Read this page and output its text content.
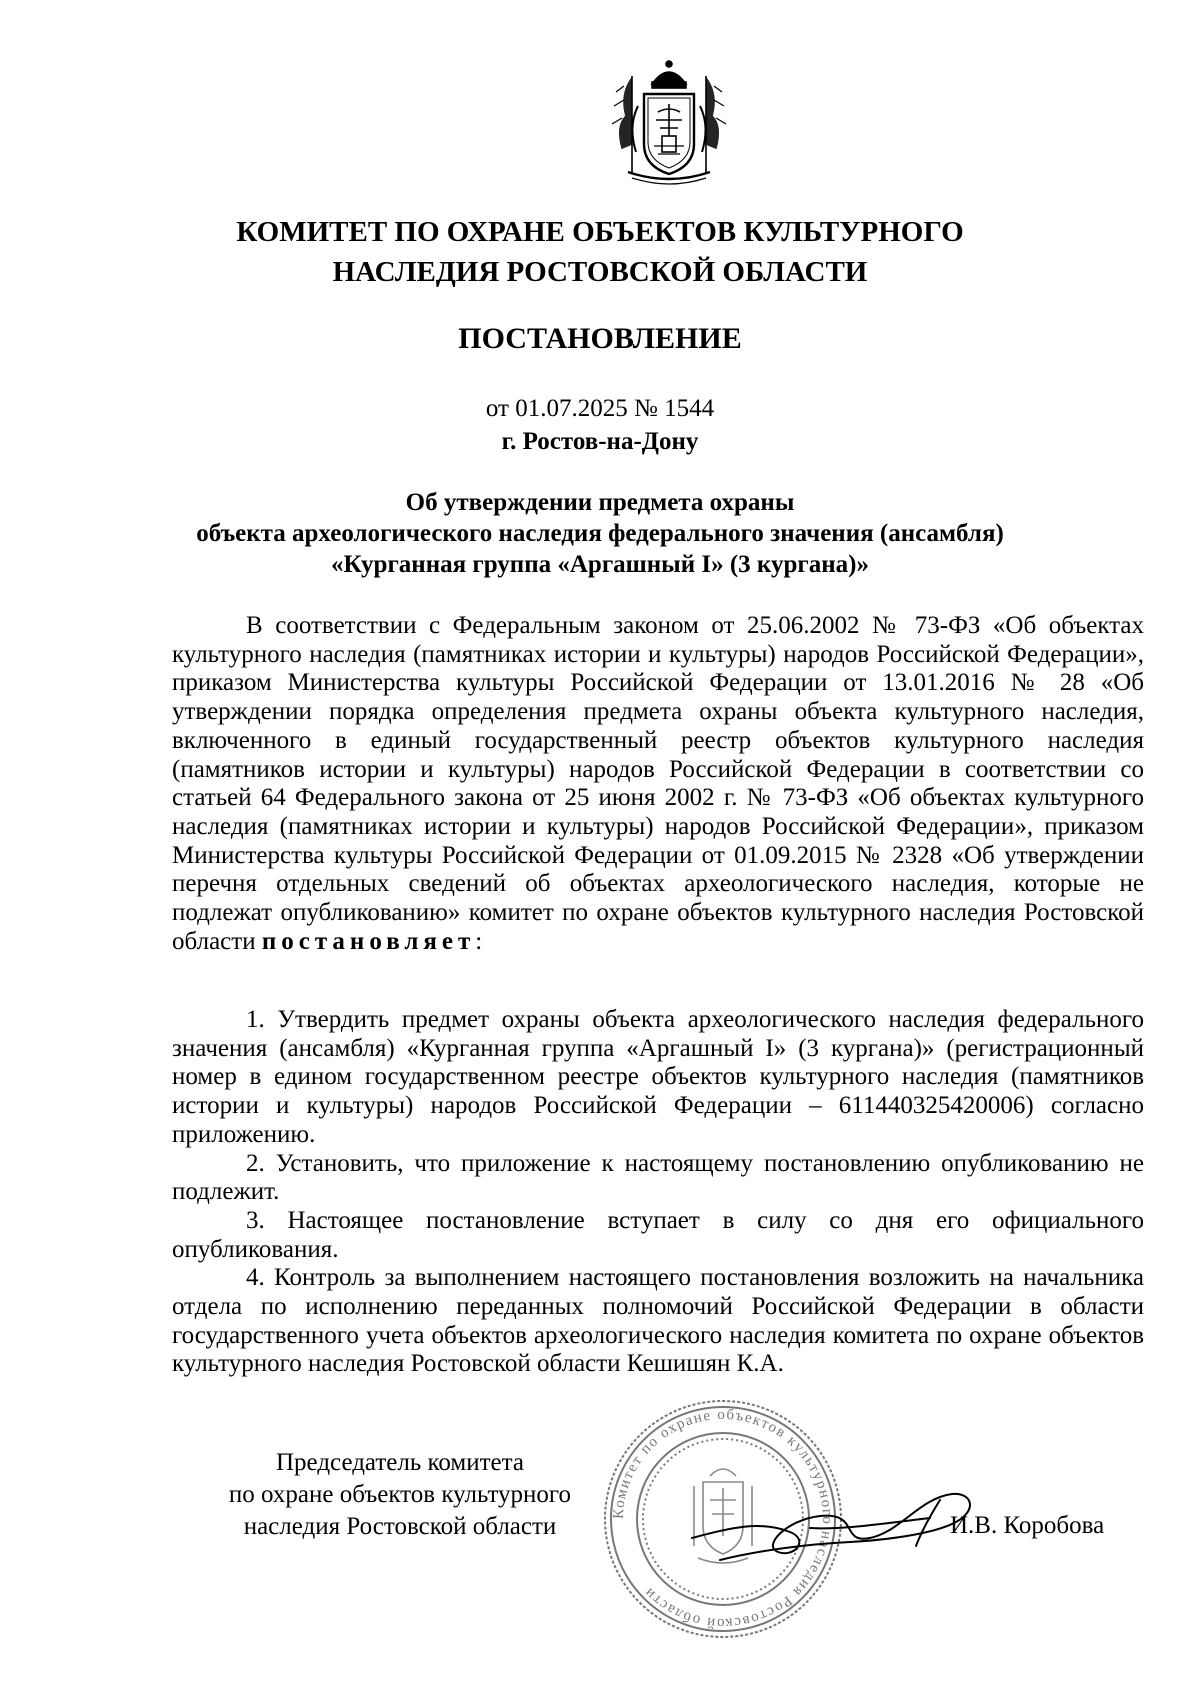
КОМИТЕТ ПО ОХРАНЕ ОБЪЕКТОВ КУЛЬТУРНОГО
НАСЛЕДИЯ РОСТОВСКОЙ ОБЛАСТИ
ПОСТАНОВЛЕНИЕ
от 01.07.2025 № 1544
г. Ростов-на-Дону
Об утверждении предмета охраны
объекта археологического наследия федерального значения (ансамбля)
«Курганная группа «Аргашный I» (3 кургана)»

В соответствии с Федеральным законом от 25.06.2002 № 73-ФЗ «Об объектах культурного наследия (памятниках истории и культуры) народов Российской Федерации», приказом Министерства культуры Российской Федерации от 13.01.2016 № 28 «Об утверждении порядка определения предмета охраны объекта культурного наследия, включенного в единый государственный реестр объектов культурного наследия (памятников истории и культуры) народов Российской Федерации в соответствии со статьей 64 Федерального закона от 25 июня 2002 г. № 73-ФЗ «Об объектах культурного наследия (памятниках истории и культуры) народов Российской Федерации», приказом Министерства культуры Российской Федерации от 01.09.2015 № 2328 «Об утверждении перечня отдельных сведений об объектах археологического наследия, которые не подлежат опубликованию» комитет по охране объектов культурного наследия Ростовской области постановляет:

1. Утвердить предмет охраны объекта археологического наследия федерального значения (ансамбля) «Курганная группа «Аргашный I» (3 кургана)» (регистрационный номер в едином государственном реестре объектов культурного наследия (памятников истории и культуры) народов Российской Федерации – 611440325420006) согласно приложению.

2. Установить, что приложение к настоящему постановлению опубликованию не подлежит.

3. Настоящее постановление вступает в силу со дня его официального опубликования.

4. Контроль за выполнением настоящего постановления возложить на начальника отдела по исполнению переданных полномочий Российской Федерации в области государственного учета объектов археологического наследия комитета по охране объектов культурного наследия Ростовской области Кешишян К.А.

Председатель комитета
по охране объектов культурного
наследия Ростовской области	Комитет по охране объектов культурного наследия Ростовской области
И.В. Коробова
